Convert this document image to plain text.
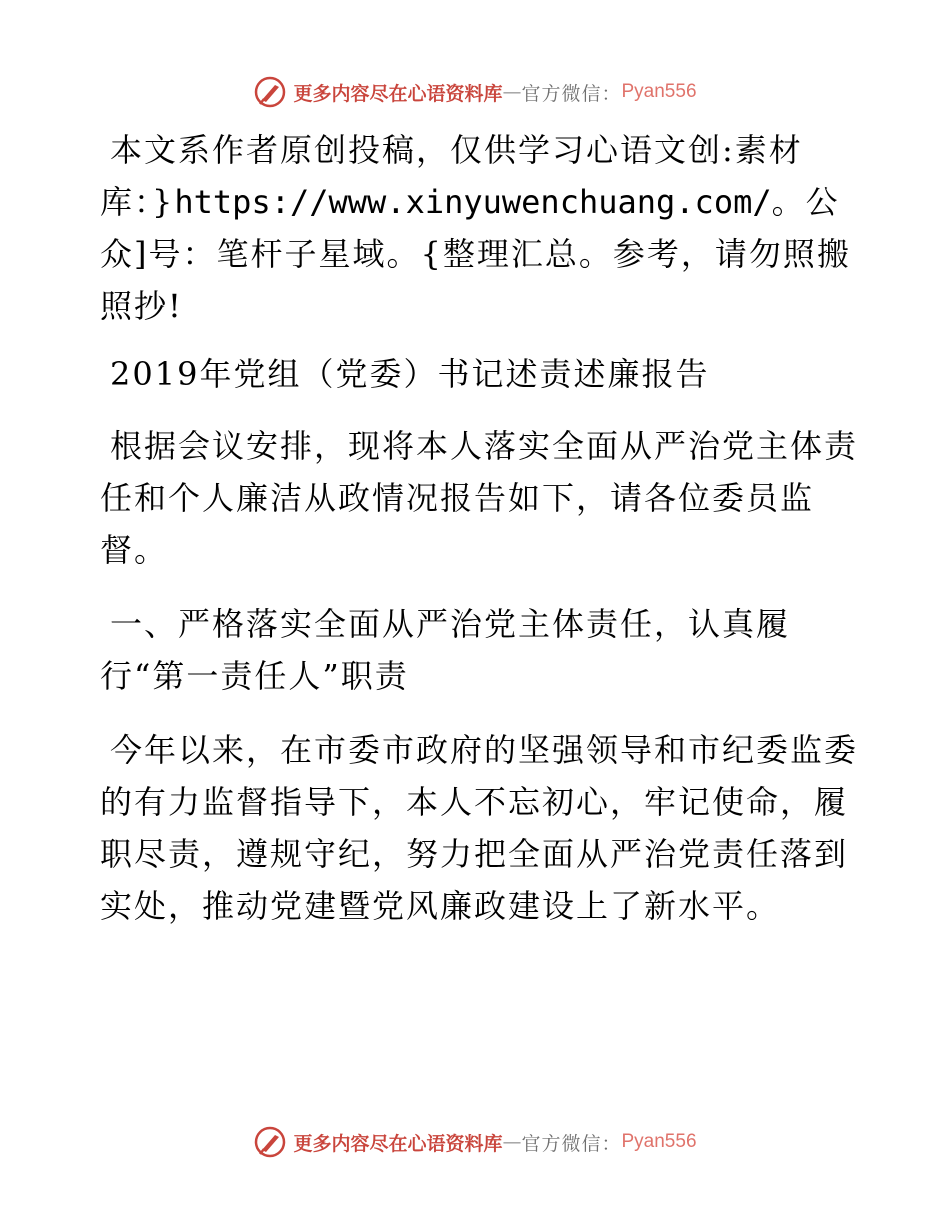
更多内容尽在心语资料库 — 官方微信： Pyan556

本文系作者原创投稿，仅供学习心语文创:素材库：}https://www.xinyuwenchuang.com/。公众]号：笔杆子星域。{整理汇总。参考，请勿照搬照抄!

2019年党组（党委）书记述责述廉报告

根据会议安排，现将本人落实全面从严治党主体责任和个人廉洁从政情况报告如下，请各位委员监督。

一、严格落实全面从严治党主体责任，认真履
行“第一责任人”职责

今年以来，在市委市政府的坚强领导和市纪委监委的有力监督指导下，本人不忘初心，牢记使命，履职尽责，遵规守纪，努力把全面从严治党责任落到实处，推动党建暨党风廉政建设上了新水平。

更多内容尽在心语资料库 — 官方微信： Pyan556
